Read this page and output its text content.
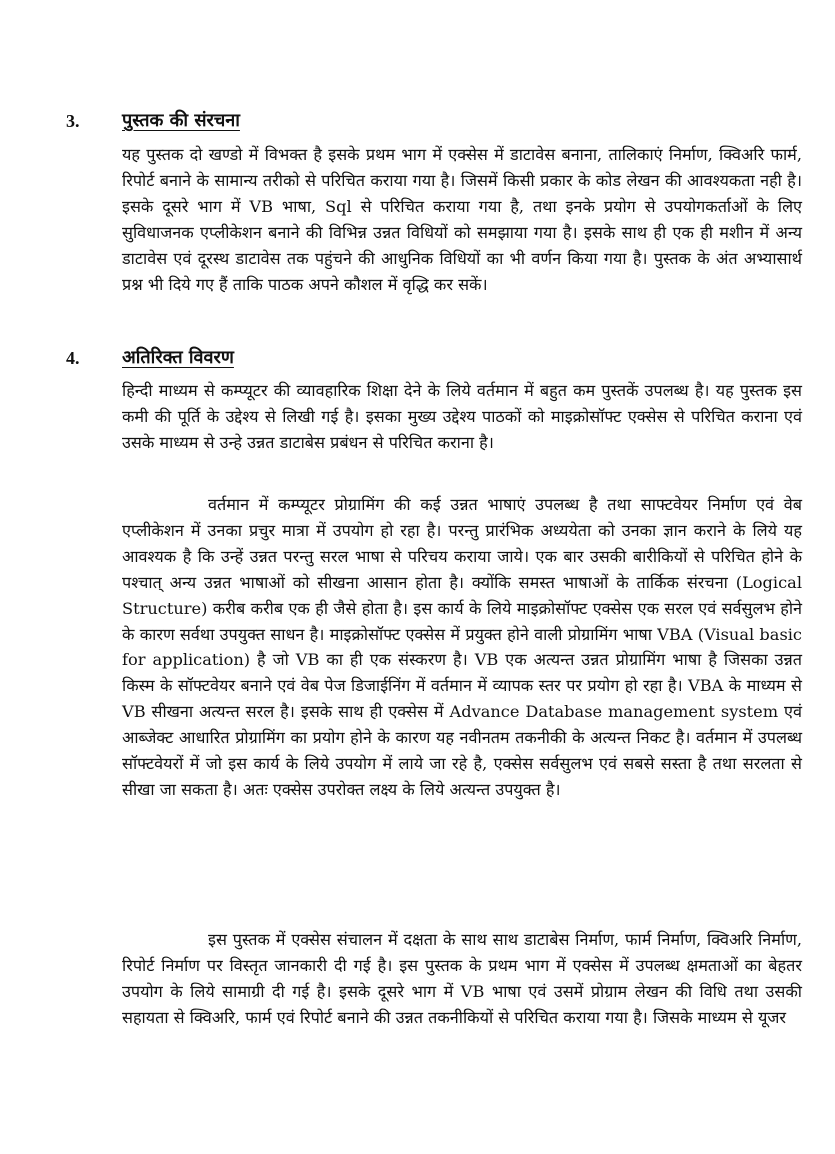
3. पुस्तक की संरचना

यह पुस्तक दो खण्डो में विभक्त है इसके प्रथम भाग में एक्सेस में डाटावेस बनाना, तालिकाएं निर्माण, क्विअरि फार्म, रिपोर्ट बनाने के सामान्य तरीको से परिचित कराया गया है। जिसमें किसी प्रकार के कोड लेखन की आवश्यकता नही है। इसके दूसरे भाग में VB भाषा, Sql से परिचित कराया गया है, तथा इनके प्रयोग से उपयोगकर्ताओं के लिए सुविधाजनक एप्लीकेशन बनाने की विभिन्न उन्नत विधियों को समझाया गया है। इसके साथ ही एक ही मशीन में अन्य डाटावेस एवं दूरस्थ डाटावेस तक पहुंचने की आधुनिक विधियों का भी वर्णन किया गया है। पुस्तक के अंत अभ्यासार्थ प्रश्न भी दिये गए हैं ताकि पाठक अपने कौशल में वृद्धि कर सकें।

4. अतिरिक्त विवरण

हिन्दी माध्यम से कम्प्यूटर की व्यावहारिक शिक्षा देने के लिये वर्तमान में बहुत कम पुस्तकें उपलब्ध है। यह पुस्तक इस कमी की पूर्ति के उद्देश्य से लिखी गई है। इसका मुख्य उद्देश्य पाठकों को माइक्रोसॉफ्ट एक्सेस से परिचित कराना एवं उसके माध्यम से उन्हे उन्नत डाटाबेस प्रबंधन से परिचित कराना है।

वर्तमान में कम्प्यूटर प्रोग्रामिंग की कई उन्नत भाषाएं उपलब्ध है तथा साफ्टवेयर निर्माण एवं वेब एप्लीकेशन में उनका प्रचुर मात्रा में उपयोग हो रहा है। परन्तु प्रारंभिक अध्ययेता को उनका ज्ञान कराने के लिये यह आवश्यक है कि उन्हें उन्नत परन्तु सरल भाषा से परिचय कराया जाये। एक बार उसकी बारीकियों से परिचित होने के पश्चात् अन्य उन्नत भाषाओं को सीखना आसान होता है। क्योंकि समस्त भाषाओं के तार्किक संरचना (Logical Structure) करीब करीब एक ही जैसे होता है। इस कार्य के लिये माइक्रोसॉफ्ट एक्सेस एक सरल एवं सर्वसुलभ होने के कारण सर्वथा उपयुक्त साधन है। माइक्रोसॉफ्ट एक्सेस में प्रयुक्त होने वाली प्रोग्रामिंग भाषा VBA (Visual basic for application) है जो VB का ही एक संस्करण है। VB एक अत्यन्त उन्नत प्रोग्रामिंग भाषा है जिसका उन्नत किस्म के सॉफ्टवेयर बनाने एवं वेब पेज डिजाईनिंग में वर्तमान में व्यापक स्तर पर प्रयोग हो रहा है। VBA के माध्यम से VB सीखना अत्यन्त सरल है। इसके साथ ही एक्सेस में Advance Database management system एवं आब्जेक्ट आधारित प्रोग्रामिंग का प्रयोग होने के कारण यह नवीनतम तकनीकी के अत्यन्त निकट है। वर्तमान में उपलब्ध सॉफ्टवेयरों में जो इस कार्य के लिये उपयोग में लाये जा रहे है, एक्सेस सर्वसुलभ एवं सबसे सस्ता है तथा सरलता से सीखा जा सकता है। अतः एक्सेस उपरोक्त लक्ष्य के लिये अत्यन्त उपयुक्त है।

इस पुस्तक में एक्सेस संचालन में दक्षता के साथ साथ डाटाबेस निर्माण, फार्म निर्माण, क्विअरि निर्माण, रिपोर्ट निर्माण पर विस्तृत जानकारी दी गई है। इस पुस्तक के प्रथम भाग में एक्सेस में उपलब्ध क्षमताओं का बेहतर उपयोग के लिये सामाग्री दी गई है। इसके दूसरे भाग में VB भाषा एवं उसमें प्रोग्राम लेखन की विधि तथा उसकी सहायता से क्विअरि, फार्म एवं रिपोर्ट बनाने की उन्नत तकनीकियों से परिचित कराया गया है। जिसके माध्यम से यूजर
